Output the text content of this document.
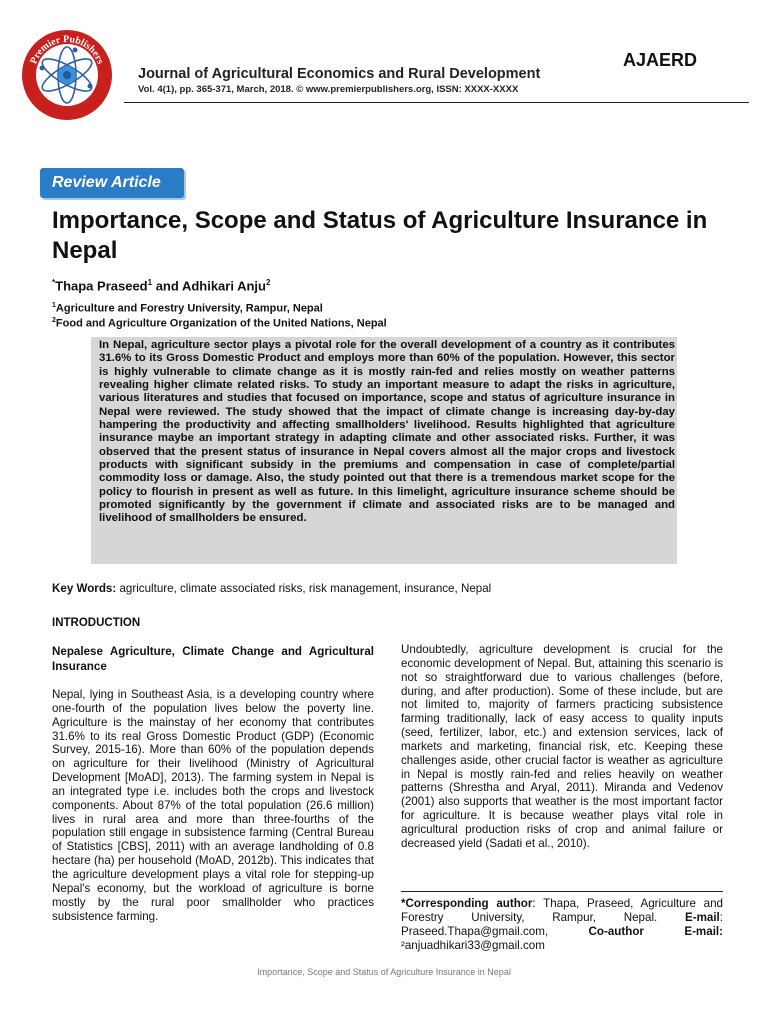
Premier Publishers
Journal of Agricultural Economics and Rural Development
Vol. 4(1), pp. 365-371, March, 2018. © www.premierpublishers.org, ISSN: XXXX-XXXX
AJAERD
Review Article
Importance, Scope and Status of Agriculture Insurance in Nepal
*Thapa Praseed$^1$ and Adhikari Anju$^2$
$^1$Agriculture and Forestry University, Rampur, Nepal
$^2$Food and Agriculture Organization of the United Nations, Nepal
In Nepal, agriculture sector plays a pivotal role for the overall development of a country as it contributes 31.6% to its Gross Domestic Product and employs more than 60% of the population. However, this sector is highly vulnerable to climate change as it is mostly rain-fed and relies mostly on weather patterns revealing higher climate related risks. To study an important measure to adapt the risks in agriculture, various literatures and studies that focused on importance, scope and status of agriculture insurance in Nepal were reviewed. The study showed that the impact of climate change is increasing day-by-day hampering the productivity and affecting smallholders' livelihood. Results highlighted that agriculture insurance maybe an important strategy in adapting climate and other associated risks. Further, it was observed that the present status of insurance in Nepal covers almost all the major crops and livestock products with significant subsidy in the premiums and compensation in case of complete/partial commodity loss or damage. Also, the study pointed out that there is a tremendous market scope for the policy to flourish in present as well as future. In this limelight, agriculture insurance scheme should be promoted significantly by the government if climate and associated risks are to be managed and livelihood of smallholders be ensured.
Key Words: agriculture, climate associated risks, risk management, insurance, Nepal
INTRODUCTION
Nepalese Agriculture, Climate Change and Agricultural Insurance
Nepal, lying in Southeast Asia, is a developing country where one-fourth of the population lives below the poverty line. Agriculture is the mainstay of her economy that contributes 31.6% to its real Gross Domestic Product (GDP) (Economic Survey, 2015-16). More than 60% of the population depends on agriculture for their livelihood (Ministry of Agricultural Development [MoAD], 2013). The farming system in Nepal is an integrated type i.e. includes both the crops and livestock components. About 87% of the total population (26.6 million) lives in rural area and more than three-fourths of the population still engage in subsistence farming (Central Bureau of Statistics [CBS], 2011) with an average landholding of 0.8 hectare (ha) per household (MoAD, 2012b). This indicates that the agriculture development plays a vital role for stepping-up Nepal's economy, but the workload of agriculture is borne mostly by the rural poor smallholder who practices subsistence farming.
Undoubtedly, agriculture development is crucial for the economic development of Nepal. But, attaining this scenario is not so straightforward due to various challenges (before, during, and after production). Some of these include, but are not limited to, majority of farmers practicing subsistence farming traditionally, lack of easy access to quality inputs (seed, fertilizer, labor, etc.) and extension services, lack of markets and marketing, financial risk, etc. Keeping these challenges aside, other crucial factor is weather as agriculture in Nepal is mostly rain-fed and relies heavily on weather patterns (Shrestha and Aryal, 2011). Miranda and Vedenov (2001) also supports that weather is the most important factor for agriculture. It is because weather plays vital role in agricultural production risks of crop and animal failure or decreased yield (Sadati et al., 2010).
*Corresponding author: Thapa, Praseed, Agriculture and Forestry University, Rampur, Nepal. E-mail: Praseed.Thapa@gmail.com, Co-author E-mail: ²anjuadhikari33@gmail.com
Importance, Scope and Status of Agriculture Insurance in Nepal
